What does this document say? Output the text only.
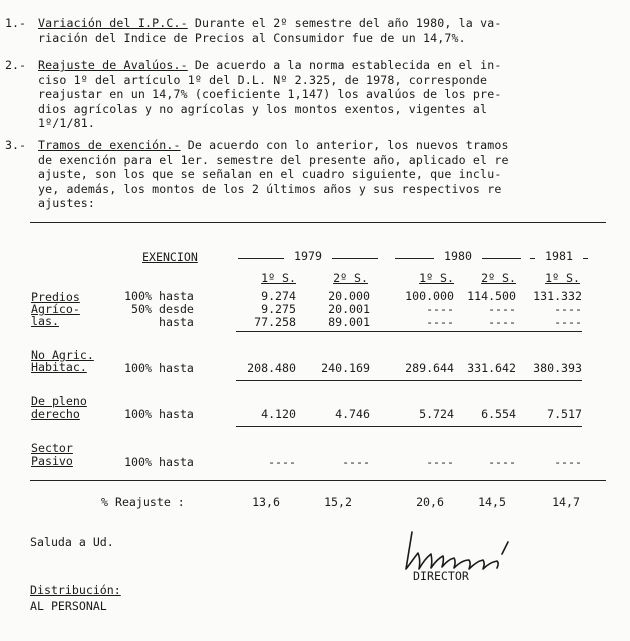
1.- Variación del I.P.C.- Durante el 2º semestre del año 1980, la va-
riación del Indice de Precios al Consumidor fue de un 14,7%.
2.- Reajuste de Avalúos.- De acuerdo a la norma establecida en el in-
ciso 1º del artículo 1º del D.L. Nº 2.325, de 1978, corresponde
reajustar en un 14,7% (coeficiente 1,147) los avalúos de los pre-
dios agrícolas y no agrícolas y los montos exentos, vigentes al
1º/1/81.
3.- Tramos de exención.- De acuerdo con lo anterior, los nuevos tramos
de exención para el 1er. semestre del presente año, aplicado el re
ajuste, son los que se señalan en el cuadro siguiente, que inclu-
ye, además, los montos de los 2 últimos años y sus respectivos re
ajustes:
EXENCION	1979	1980	1981
1º S.	2º S.	1º S.	2º S.	1º S.
Predios
Agríco-
las.
100% hasta	9.274	20.000	100.000	114.500	131.332
50% desde	9.275	20.001	----	----	----
hasta	77.258	89.001	----	----	----
No Agric.
Habitac.	100% hasta	208.480	240.169	289.644	331.642	380.393
De pleno
derecho	100% hasta	4.120	4.746	5.724	6.554	7.517
Sector
Pasivo	100% hasta	----	----	----	----	----
% Reajuste :	13,6	15,2	20,6	14,5	14,7
Saluda a Ud.
DIRECTOR
Distribución:
AL PERSONAL
